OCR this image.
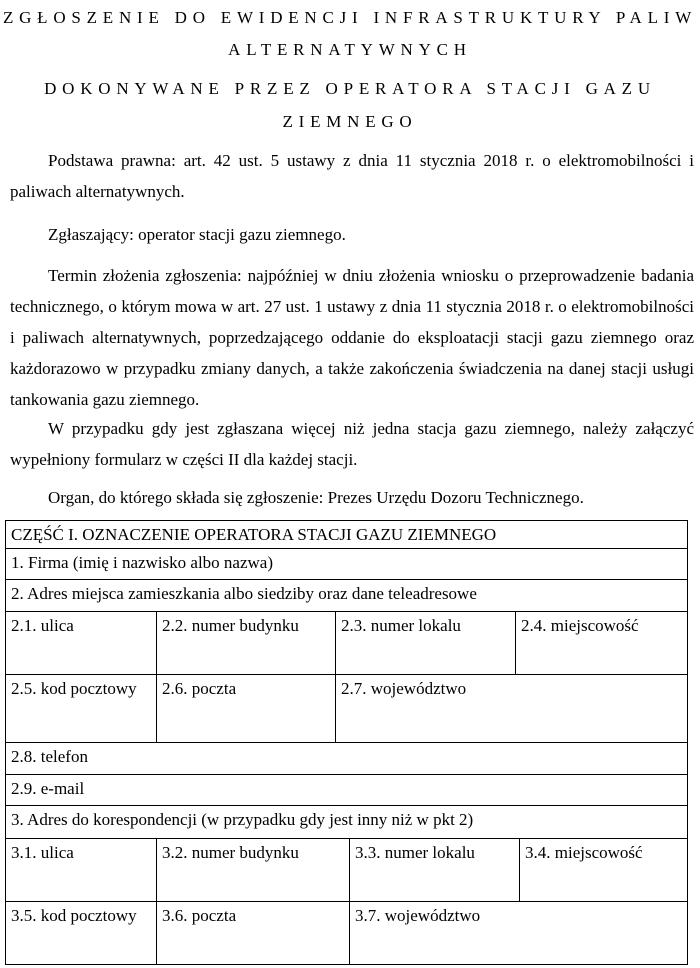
ZGŁOSZENIE DO EWIDENCJI INFRASTRUKTURY PALIW
ALTERNATYWNYCH
DOKONYWANE PRZEZ OPERATORA STACJI GAZU
ZIEMNEGO

Podstawa prawna: art. 42 ust. 5 ustawy z dnia 11 stycznia 2018 r. o elektromobilności i paliwach alternatywnych.

Zgłaszający: operator stacji gazu ziemnego.

Termin złożenia zgłoszenia: najpóźniej w dniu złożenia wniosku o przeprowadzenie badania technicznego, o którym mowa w art. 27 ust. 1 ustawy z dnia 11 stycznia 2018 r. o elektromobilności i paliwach alternatywnych, poprzedzającego oddanie do eksploatacji stacji gazu ziemnego oraz każdorazowo w przypadku zmiany danych, a także zakończenia świadczenia na danej stacji usługi tankowania gazu ziemnego.

W przypadku gdy jest zgłaszana więcej niż jedna stacja gazu ziemnego, należy załączyć wypełniony formularz w części II dla każdej stacji.

Organ, do którego składa się zgłoszenie: Prezes Urzędu Dozoru Technicznego.

CZĘŚĆ I. OZNACZENIE OPERATORA STACJI GAZU ZIEMNEGO
1. Firma (imię i nazwisko albo nazwa)
2. Adres miejsca zamieszkania albo siedziby oraz dane teleadresowe
2.1. ulica	2.2. numer budynku	2.3. numer lokalu	2.4. miejscowość
2.5. kod pocztowy	2.6. poczta	2.7. województwo
2.8. telefon
2.9. e-mail
3. Adres do korespondencji (w przypadku gdy jest inny niż w pkt 2)
3.1. ulica	3.2. numer budynku	3.3. numer lokalu	3.4. miejscowość
3.5. kod pocztowy	3.6. poczta	3.7. województwo
